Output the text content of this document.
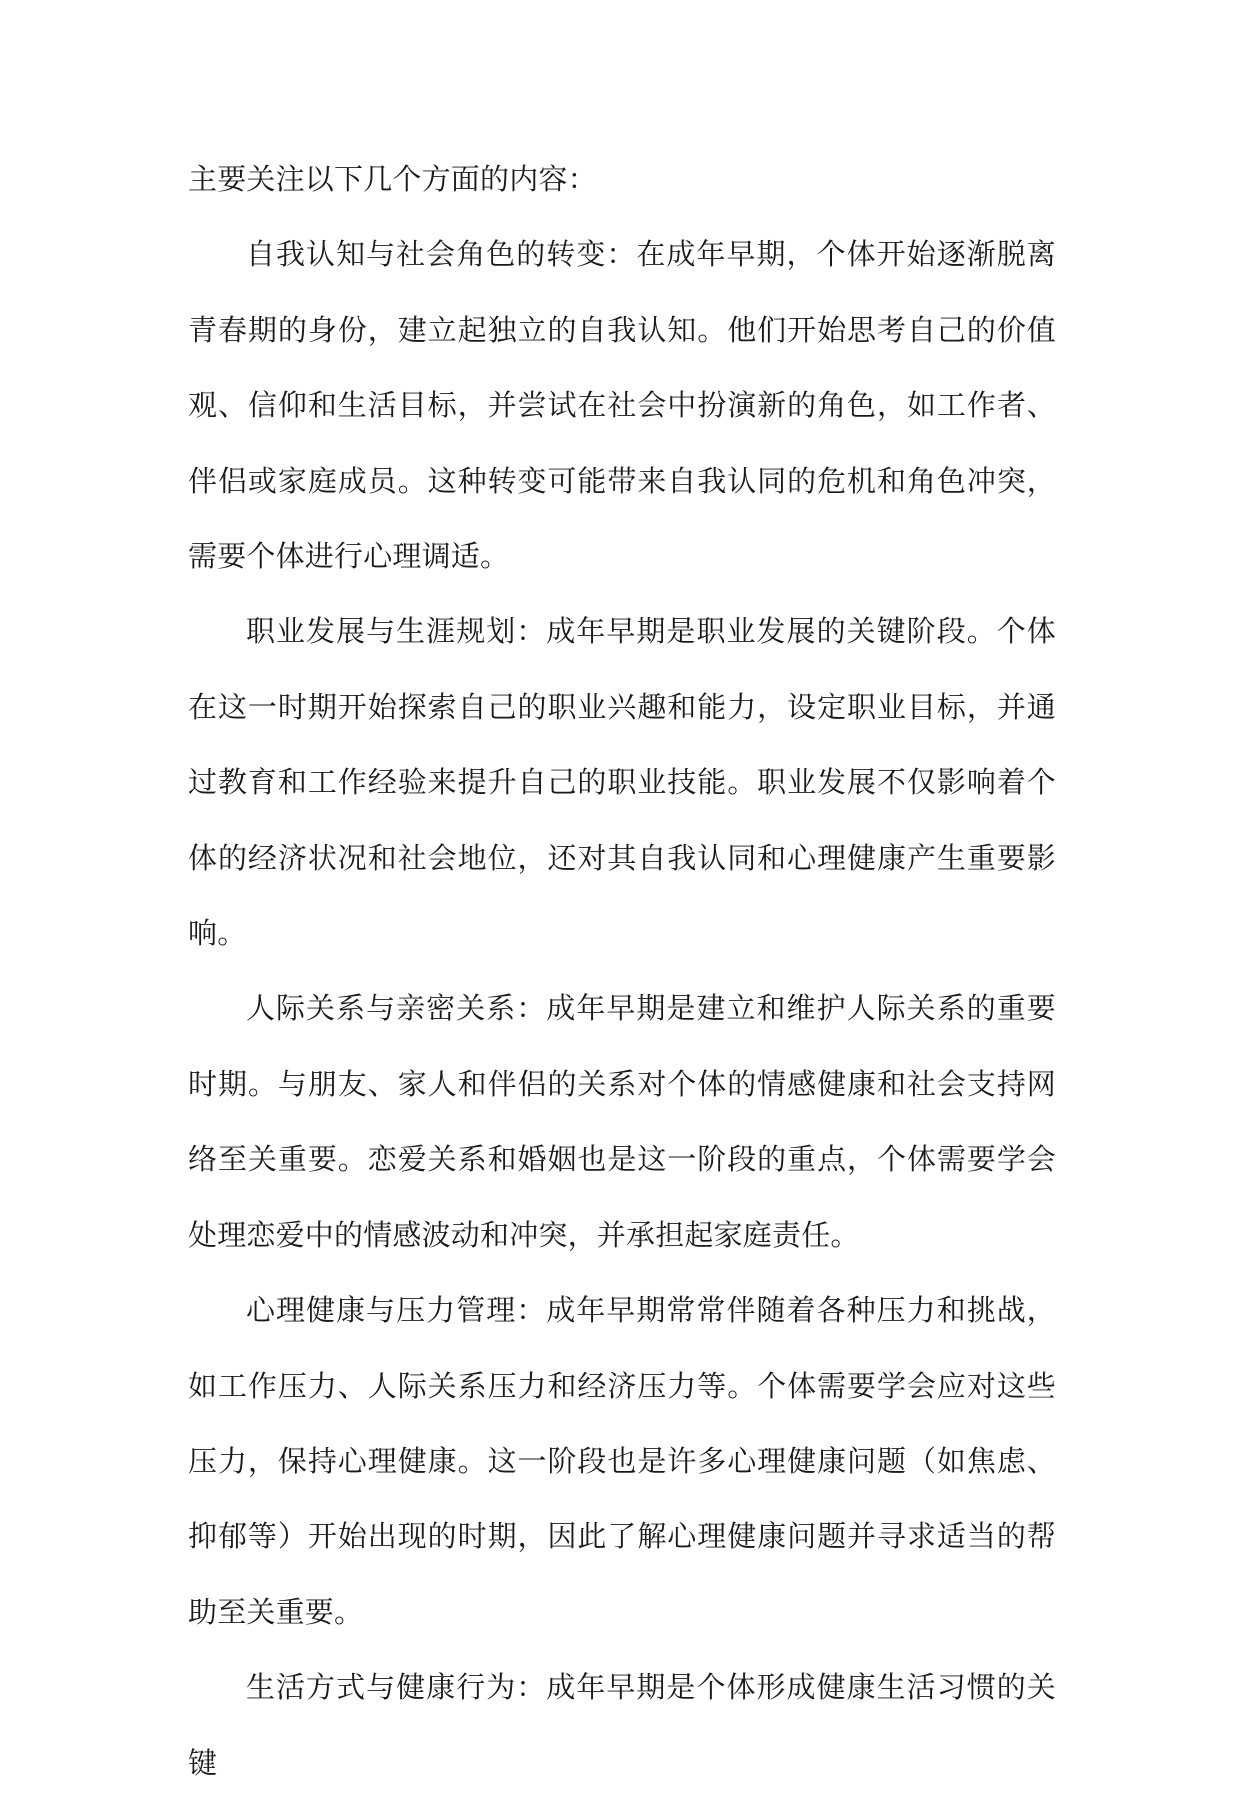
主要关注以下几个方面的内容：

自我认知与社会角色的转变：在成年早期，个体开始逐渐脱离青春期的身份，建立起独立的自我认知。他们开始思考自己的价值观、信仰和生活目标，并尝试在社会中扮演新的角色，如工作者、伴侣或家庭成员。这种转变可能带来自我认同的危机和角色冲突，需要个体进行心理调适。

职业发展与生涯规划：成年早期是职业发展的关键阶段。个体在这一时期开始探索自己的职业兴趣和能力，设定职业目标，并通过教育和工作经验来提升自己的职业技能。职业发展不仅影响着个体的经济状况和社会地位，还对其自我认同和心理健康产生重要影响。

人际关系与亲密关系：成年早期是建立和维护人际关系的重要时期。与朋友、家人和伴侣的关系对个体的情感健康和社会支持网络至关重要。恋爱关系和婚姻也是这一阶段的重点，个体需要学会处理恋爱中的情感波动和冲突，并承担起家庭责任。

心理健康与压力管理：成年早期常常伴随着各种压力和挑战，如工作压力、人际关系压力和经济压力等。个体需要学会应对这些压力，保持心理健康。这一阶段也是许多心理健康问题（如焦虑、抑郁等）开始出现的时期，因此了解心理健康问题并寻求适当的帮助至关重要。

生活方式与健康行为：成年早期是个体形成健康生活习惯的关键
